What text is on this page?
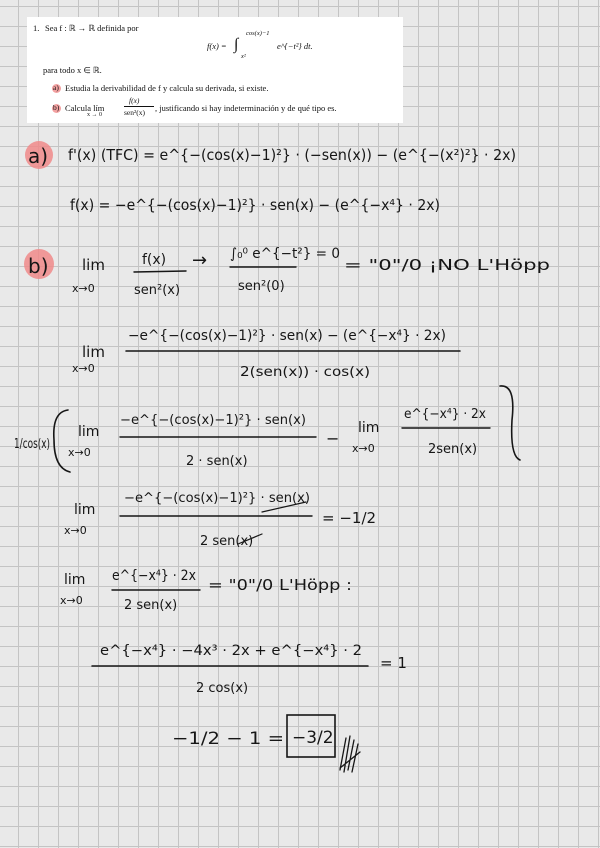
1. Sea f : ℝ → ℝ definida por
f(x) = ∫
cos(x)−1
x²
e^{−t²} dt.
para todo x ∈ ℝ.
a) Estudia la derivabilidad de f y calcula su derivada, si existe.
b) Calcula lím
f(x)
sen²(x)
x → 0
, justificando si hay indeterminación y de qué tipo es.
a) f'(x) (TFC) = e^{−(cos(x)−1)²} · (−sen(x)) − (e^{−(x²)²} · 2x)
f(x) = −e^{−(cos(x)−1)²} · sen(x) − (e^{−x⁴} · 2x)
b) lim
x→0
f(x)
sen²(x)
→ ∫₀⁰ e^{−t²} = 0
sen²(0)
= "0"/0 ¡NO L'Höpp
lim
x→0
−e^{−(cos(x)−1)²} · sen(x) − (e^{−x⁴} · 2x)
2(sen(x)) · cos(x)
1/cos(x)
lim
x→0
−e^{−(cos(x)−1)²} · sen(x)
2 · sen(x)
−
lim
x→0
e^{−x⁴} · 2x
2sen(x)
lim
x→0
−e^{−(cos(x)−1)²} · sen(x)
2 sen(x)
= −1/2
lim
x→0
e^{−x⁴} · 2x
2 sen(x)
= "0"/0 L'Höpp :
e^{−x⁴} · −4x³ · 2x + e^{−x⁴} · 2
2 cos(x)
= 1
−1/2 − 1 = −3/2
